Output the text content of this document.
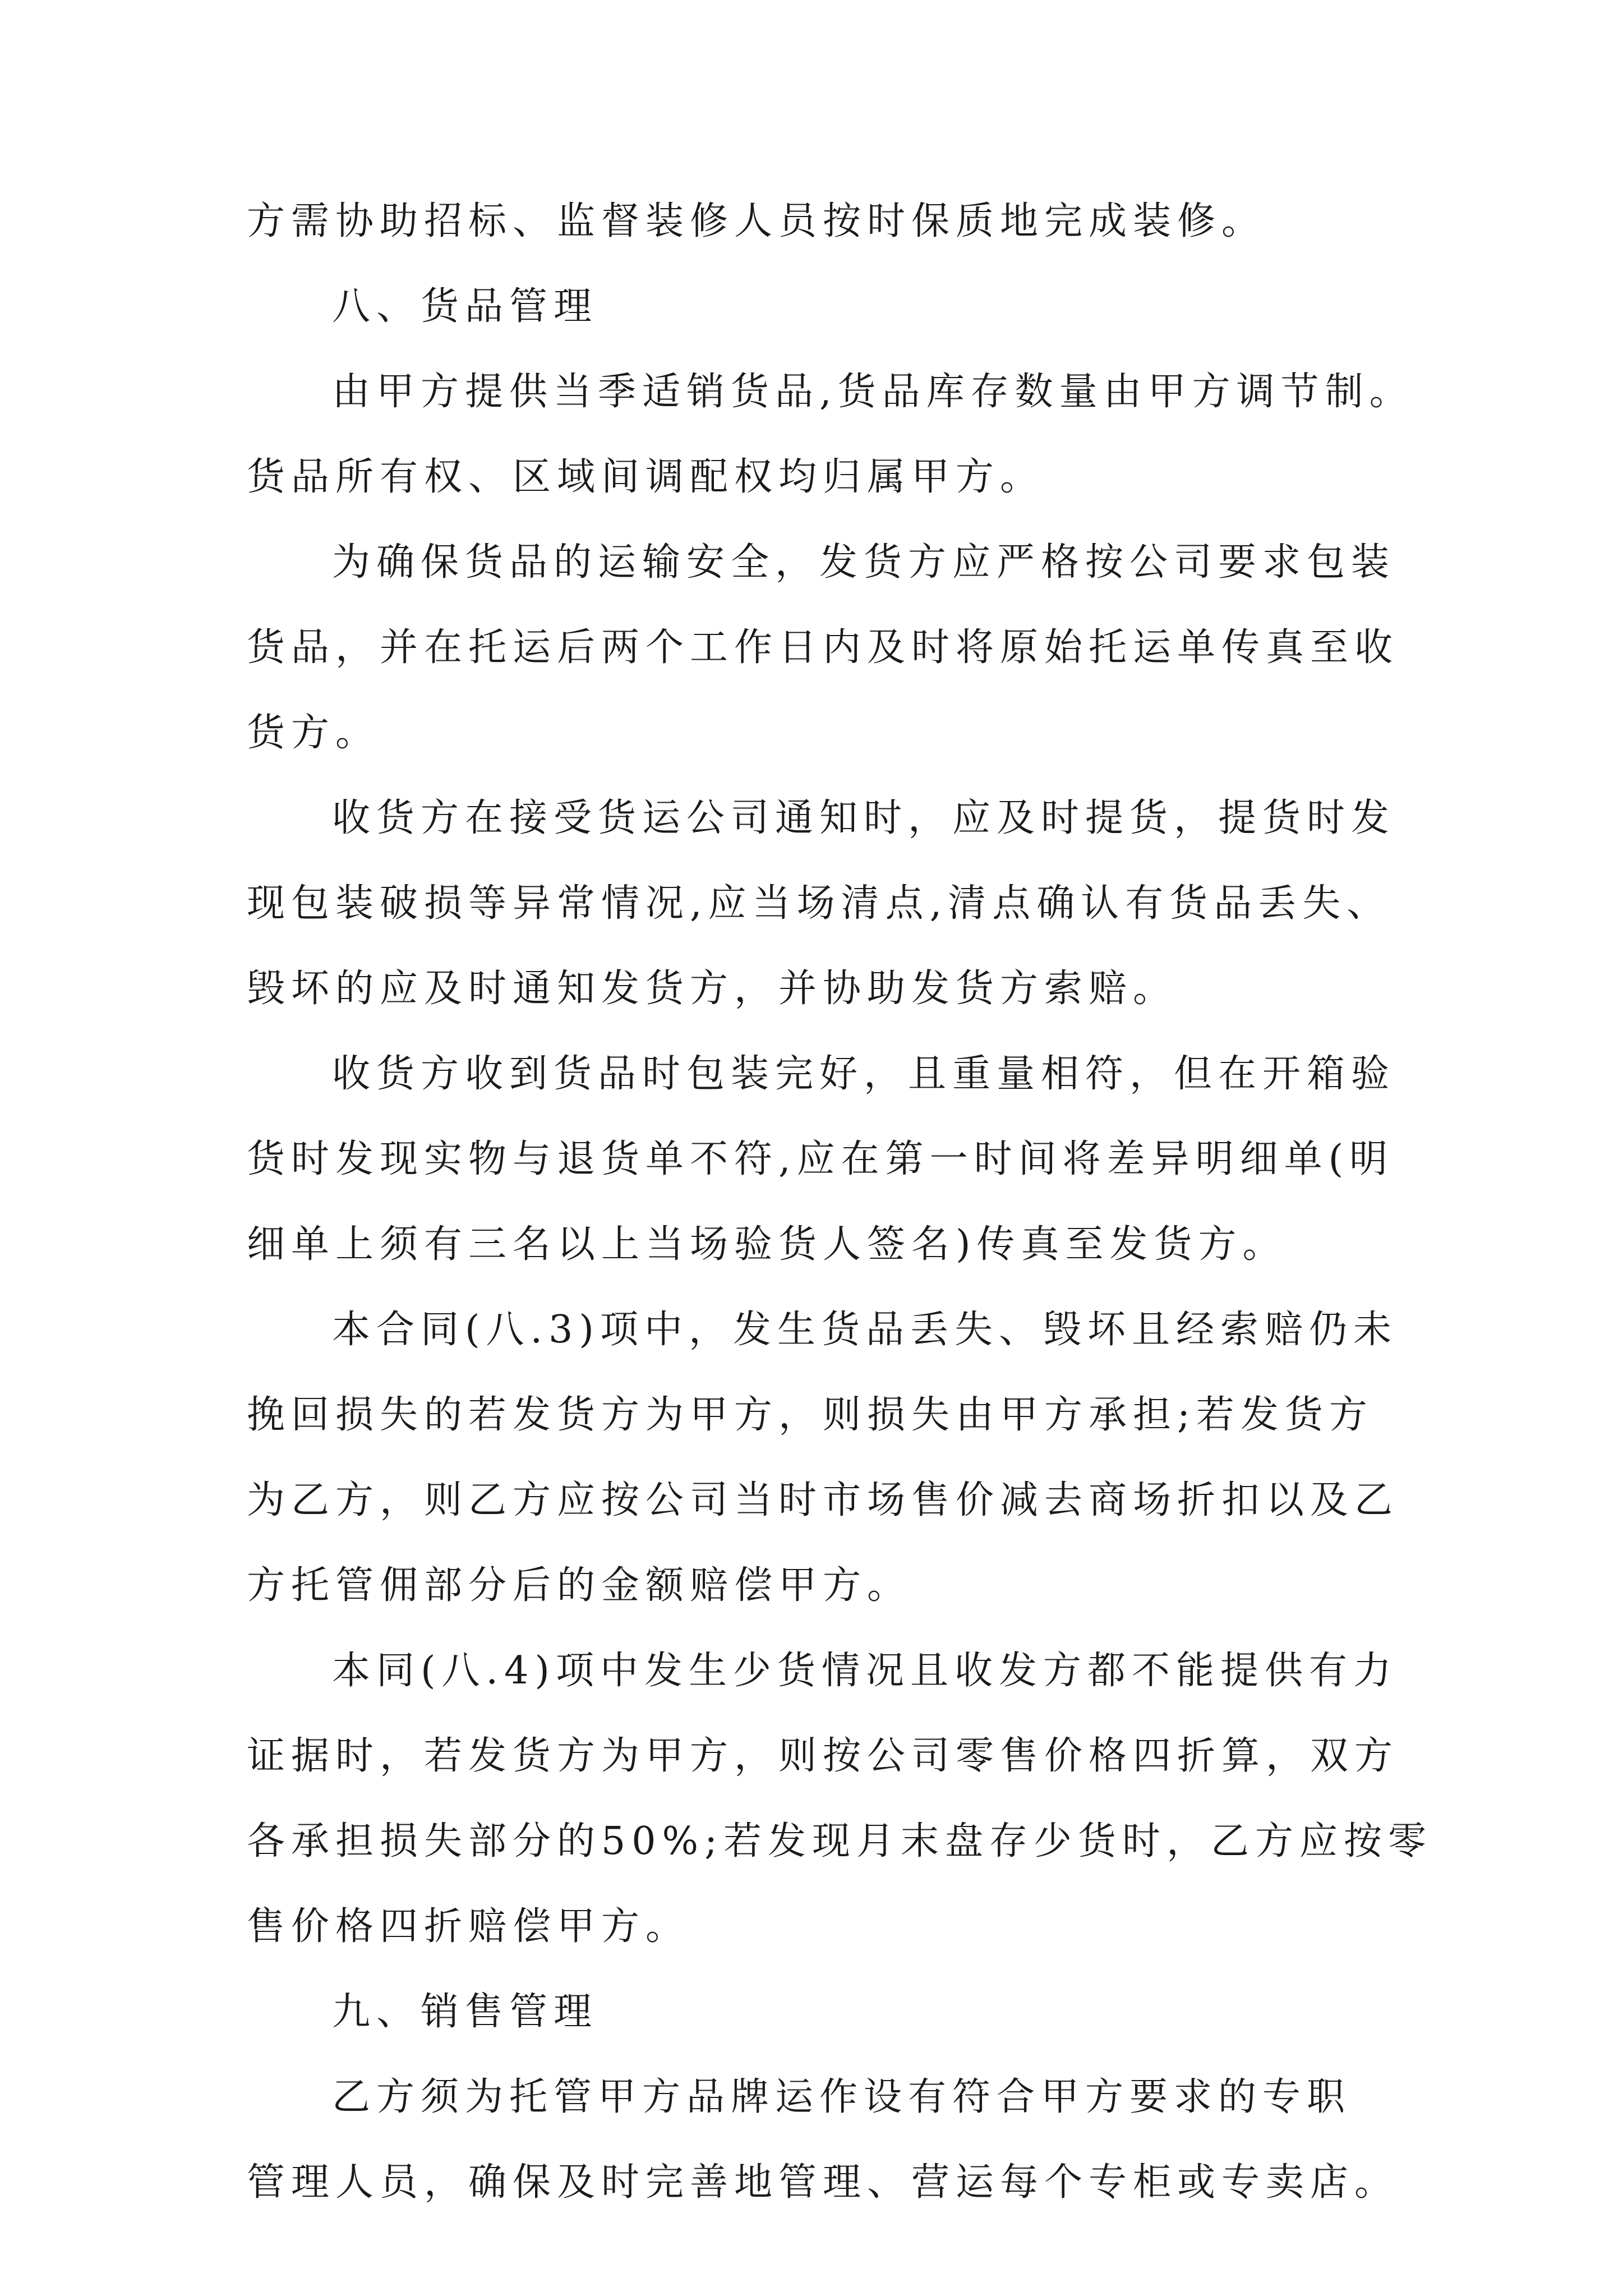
方需协助招标、监督装修人员按时保质地完成装修。
八、货品管理
由甲方提供当季适销货品,货品库存数量由甲方调节制。
货品所有权、区域间调配权均归属甲方。
为确保货品的运输安全，发货方应严格按公司要求包装
货品，并在托运后两个工作日内及时将原始托运单传真至收
货方。
收货方在接受货运公司通知时，应及时提货，提货时发
现包装破损等异常情况,应当场清点,清点确认有货品丢失、
毁坏的应及时通知发货方，并协助发货方索赔。
收货方收到货品时包装完好，且重量相符，但在开箱验
货时发现实物与退货单不符,应在第一时间将差异明细单(明
细单上须有三名以上当场验货人签名)传真至发货方。
本合同(八.3)项中，发生货品丢失、毁坏且经索赔仍未
挽回损失的若发货方为甲方，则损失由甲方承担;若发货方
为乙方，则乙方应按公司当时市场售价减去商场折扣以及乙
方托管佣部分后的金额赔偿甲方。
本同(八.4)项中发生少货情况且收发方都不能提供有力
证据时，若发货方为甲方，则按公司零售价格四折算，双方
各承担损失部分的50%;若发现月末盘存少货时，乙方应按零
售价格四折赔偿甲方。
九、销售管理
乙方须为托管甲方品牌运作设有符合甲方要求的专职
管理人员，确保及时完善地管理、营运每个专柜或专卖店。
